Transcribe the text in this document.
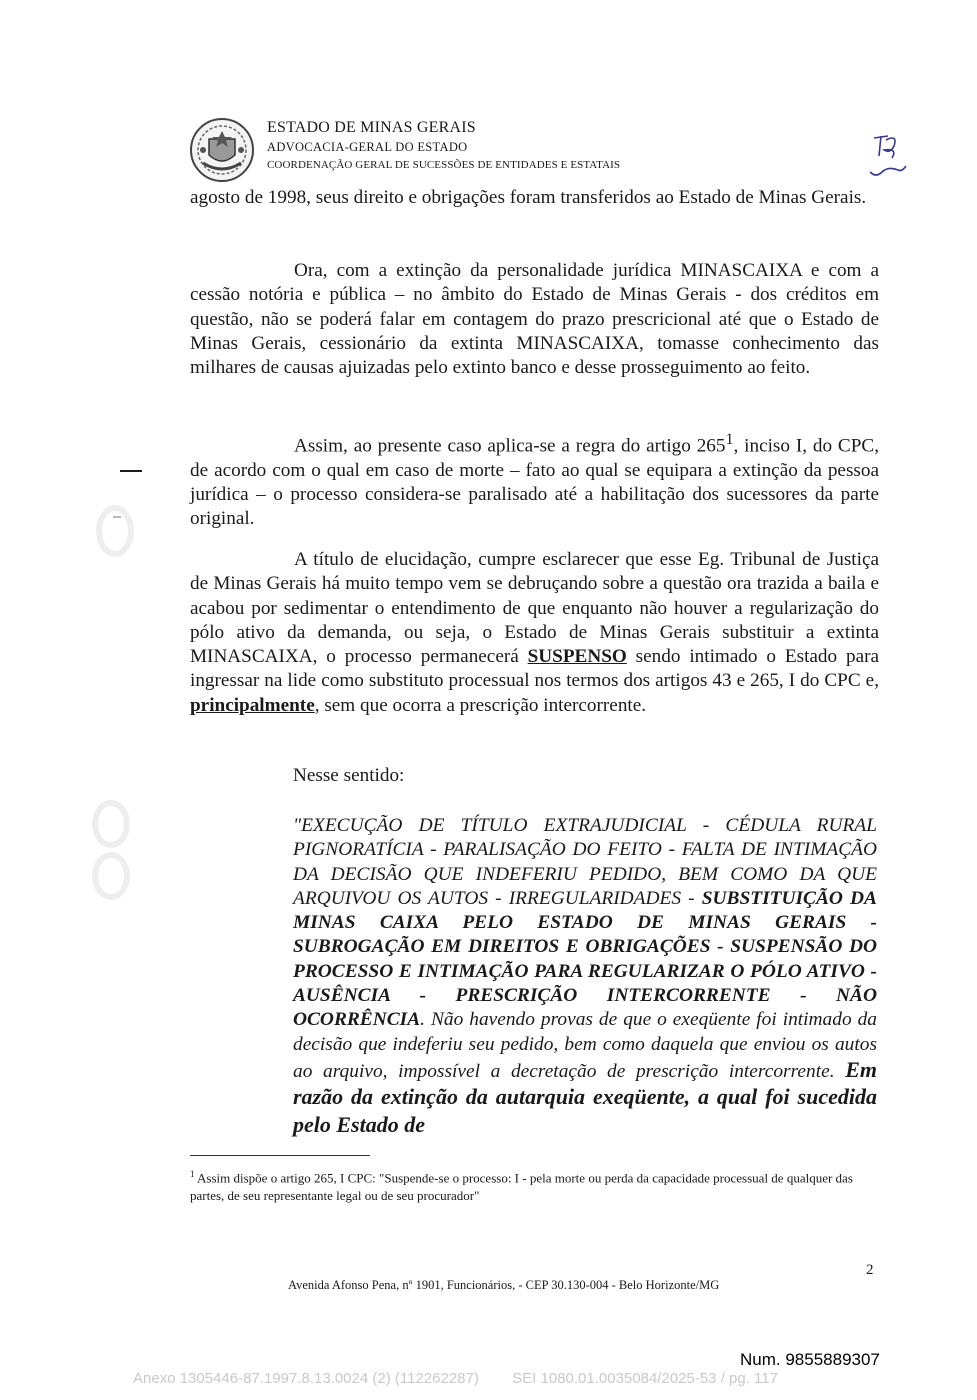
ESTADO DE MINAS GERAIS
ADVOCACIA-GERAL DO ESTADO
COORDENAÇÃO GERAL DE SUCESSÕES DE ENTIDADES E ESTATAIS

agosto de 1998, seus direito e obrigações foram transferidos ao Estado de Minas Gerais.

Ora, com a extinção da personalidade jurídica MINASCAIXA e com a cessão notória e pública – no âmbito do Estado de Minas Gerais - dos créditos em questão, não se poderá falar em contagem do prazo prescricional até que o Estado de Minas Gerais, cessionário da extinta MINASCAIXA, tomasse conhecimento das milhares de causas ajuizadas pelo extinto banco e desse prosseguimento ao feito.

Assim, ao presente caso aplica-se a regra do artigo $265^1$, inciso I, do CPC, de acordo com o qual em caso de morte – fato ao qual se equipara a extinção da pessoa jurídica – o processo considera-se paralisado até a habilitação dos sucessores da parte original.

A título de elucidação, cumpre esclarecer que esse Eg. Tribunal de Justiça de Minas Gerais há muito tempo vem se debruçando sobre a questão ora trazida a baila e acabou por sedimentar o entendimento de que enquanto não houver a regularização do pólo ativo da demanda, ou seja, o Estado de Minas Gerais substituir a extinta MINASCAIXA, o processo permanecerá SUSPENSO sendo intimado o Estado para ingressar na lide como substituto processual nos termos dos artigos 43 e 265, I do CPC e, principalmente, sem que ocorra a prescrição intercorrente.

Nesse sentido:

"EXECUÇÃO DE TÍTULO EXTRAJUDICIAL - CÉDULA RURAL PIGNORATÍCIA - PARALISAÇÃO DO FEITO - FALTA DE INTIMAÇÃO DA DECISÃO QUE INDEFERIU PEDIDO, BEM COMO DA QUE ARQUIVOU OS AUTOS - IRREGULARIDADES - SUBSTITUIÇÃO DA MINAS CAIXA PELO ESTADO DE MINAS GERAIS - SUBROGAÇÃO EM DIREITOS E OBRIGAÇÕES - SUSPENSÃO DO PROCESSO E INTIMAÇÃO PARA REGULARIZAR O PÓLO ATIVO - AUSÊNCIA - PRESCRIÇÃO INTERCORRENTE - NÃO OCORRÊNCIA. Não havendo provas de que o exeqüente foi intimado da decisão que indeferiu seu pedido, bem como daquela que enviou os autos ao arquivo, impossível a decretação de prescrição intercorrente. Em razão da extinção da autarquia exeqüente, a qual foi sucedida pelo Estado de

$^1$ Assim dispõe o artigo 265, I CPC: "Suspende-se o processo: I - pela morte ou perda da capacidade processual de qualquer das partes, de seu representante legal ou de seu procurador"

2
Avenida Afonso Pena, nº 1901, Funcionários, - CEP 30.130-004 - Belo Horizonte/MG
Num. 9855889307
Anexo 1305446-87.1997.8.13.0024 (2) (112262287)        SEI 1080.01.0035084/2025-53 / pg. 117
